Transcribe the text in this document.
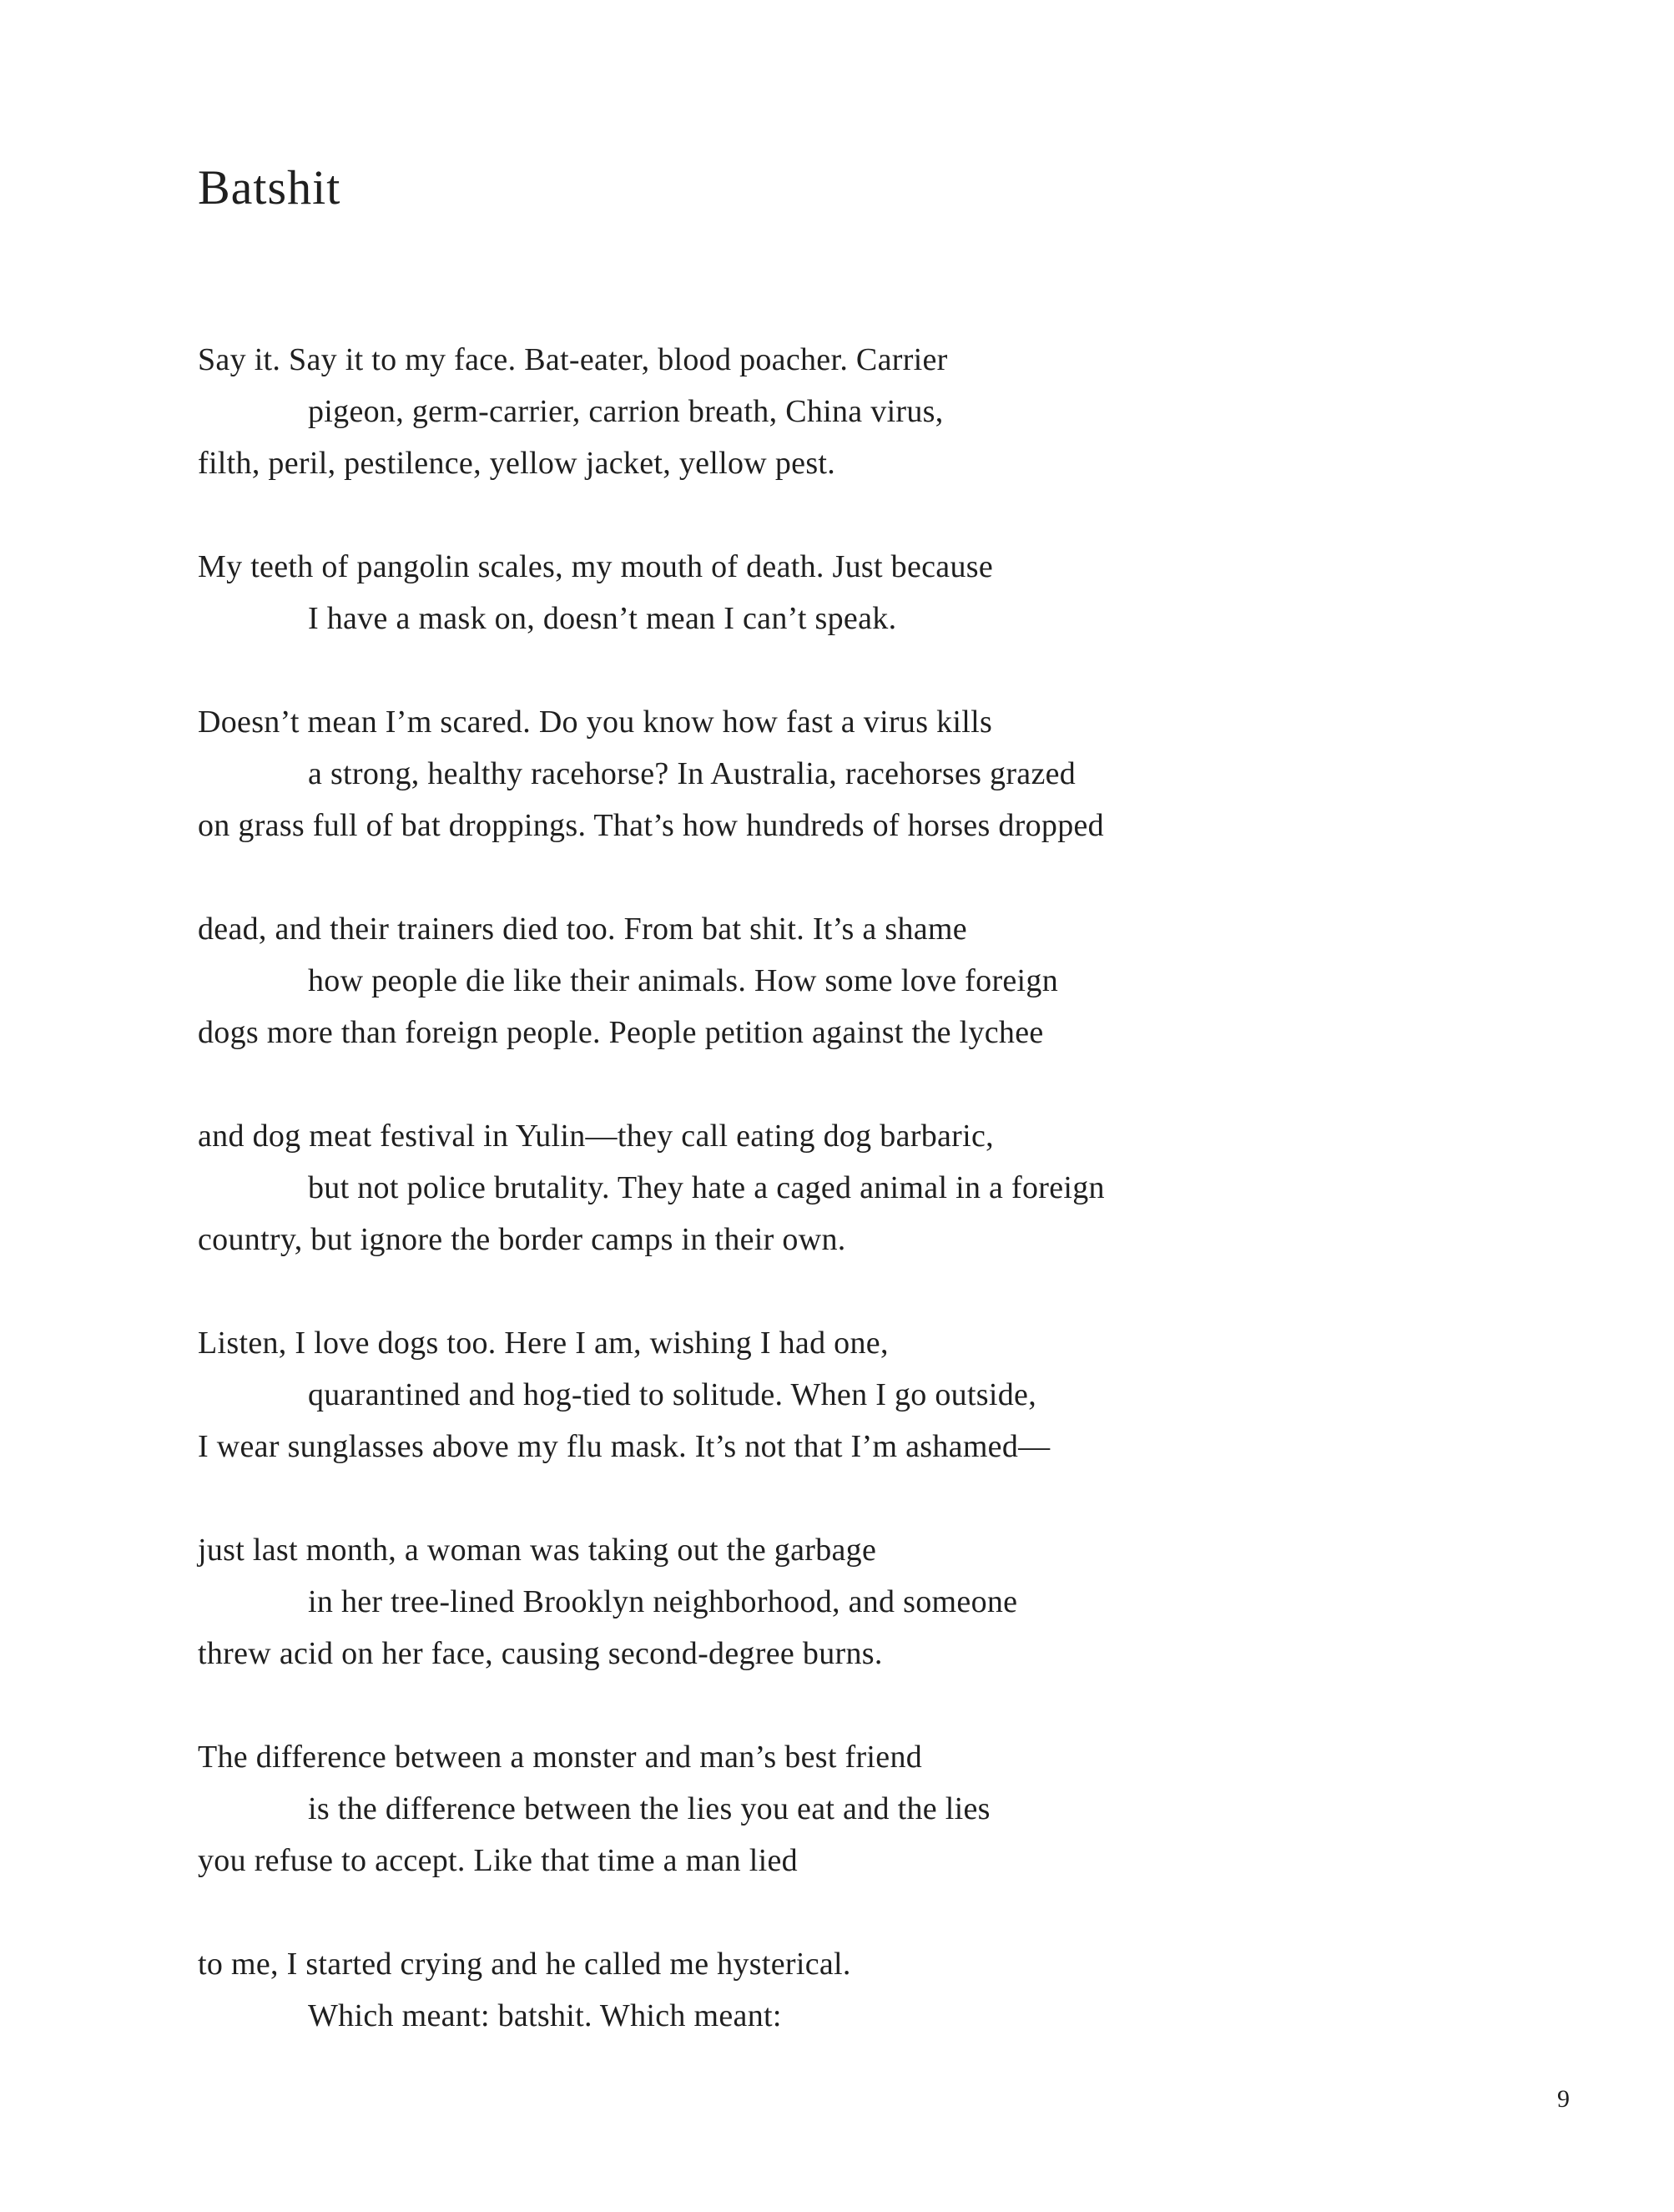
Batshit
Say it. Say it to my face. Bat-eater, blood poacher. Carrier
pigeon, germ-carrier, carrion breath, China virus,
filth, peril, pestilence, yellow jacket, yellow pest.
My teeth of pangolin scales, my mouth of death. Just because
I have a mask on, doesn’t mean I can’t speak.
Doesn’t mean I’m scared. Do you know how fast a virus kills
a strong, healthy racehorse? In Australia, racehorses grazed
on grass full of bat droppings. That’s how hundreds of horses dropped
dead, and their trainers died too. From bat shit. It’s a shame
how people die like their animals. How some love foreign
dogs more than foreign people. People petition against the lychee
and dog meat festival in Yulin—they call eating dog barbaric,
but not police brutality. They hate a caged animal in a foreign
country, but ignore the border camps in their own.
Listen, I love dogs too. Here I am, wishing I had one,
quarantined and hog-tied to solitude. When I go outside,
I wear sunglasses above my flu mask. It’s not that I’m ashamed—
just last month, a woman was taking out the garbage
in her tree-lined Brooklyn neighborhood, and someone
threw acid on her face, causing second-degree burns.
The difference between a monster and man’s best friend
is the difference between the lies you eat and the lies
you refuse to accept. Like that time a man lied
to me, I started crying and he called me hysterical.
Which meant: batshit. Which meant:
9
